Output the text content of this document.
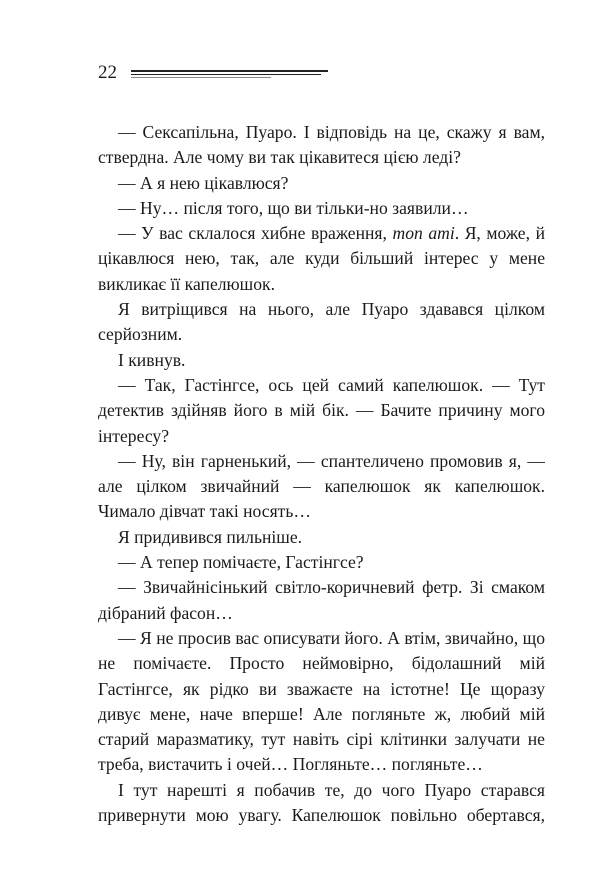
22

— Сексапільна, Пуаро. І відповідь на це, скажу я вам, ствердна. Але чому ви так цікавитеся цією леді?

— А я нею цікавлюся?

— Ну… після того, що ви тільки-но заявили…

— У вас склалося хибне враження, mon ami. Я, може, й цікавлюся нею, так, але куди більший інтерес у мене викликає її капелюшок.

Я витріщився на нього, але Пуаро здавався цілком серйозним.

І кивнув.

— Так, Гастінгсе, ось цей самий капелюшок. — Тут детектив здійняв його в мій бік. — Бачите причину мого інтересу?

— Ну, він гарненький, — спантеличено промовив я, — але цілком звичайний — капелюшок як капелюшок. Чимало дівчат такі носять…

Я придивився пильніше.

— А тепер помічаєте, Гастінгсе?

— Звичайнісінький світло-коричневий фетр. Зі смаком дібраний фасон…

— Я не просив вас описувати його. А втім, звичайно, що не помічаєте. Просто неймовірно, бідолашний мій Гастінгсе, як рідко ви зважаєте на істотне! Це щоразу дивує мене, наче вперше! Але погляньте ж, любий мій старий маразматику, тут навіть сірі клітинки залучати не треба, вистачить і очей… Погляньте… погляньте…

І тут нарешті я побачив те, до чого Пуаро старався привернути мою увагу. Капелюшок повільно обертався,
